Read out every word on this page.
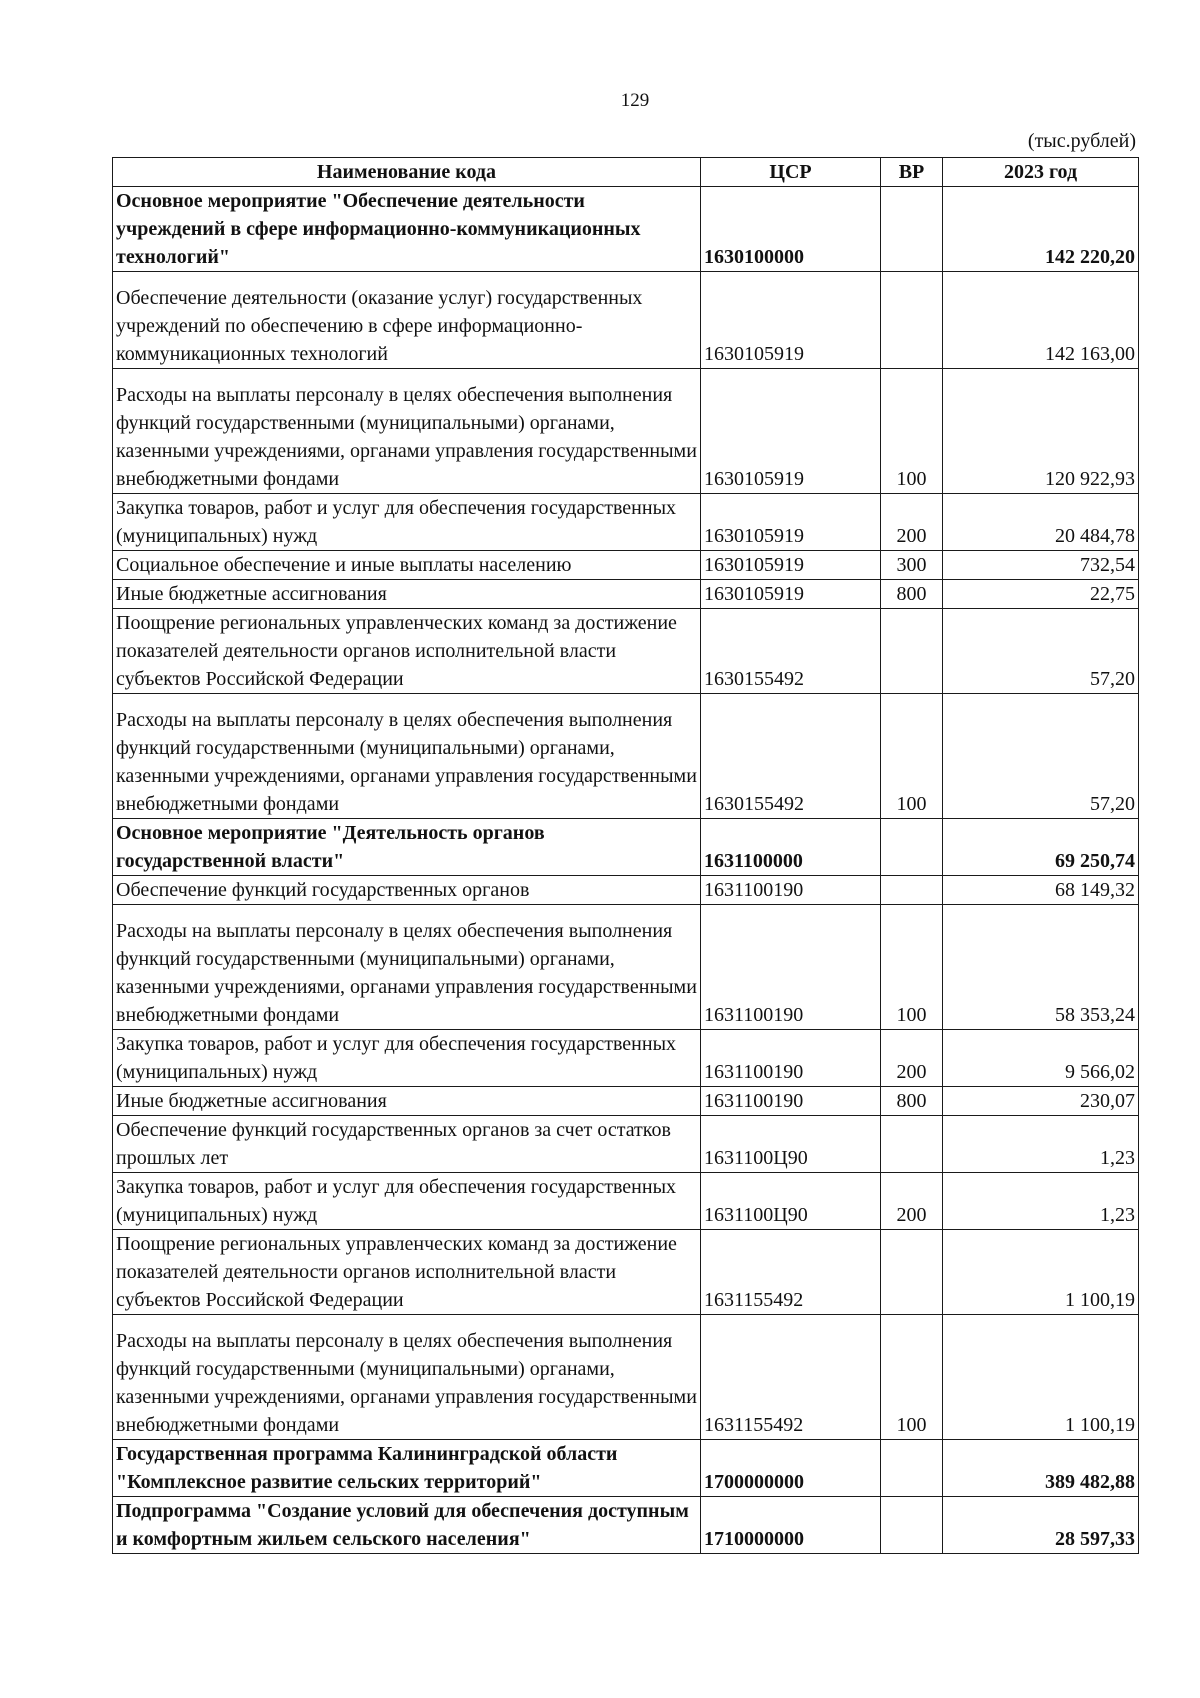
129
(тыс.рублей)
Наименование кода	ЦСР	ВР	2023 год
Основное мероприятие "Обеспечение деятельности учреждений в сфере информационно-коммуникационных технологий"	1630100000		142 220,20
Обеспечение деятельности (оказание услуг) государственных учреждений по обеспечению в сфере информационно-коммуникационных технологий	1630105919		142 163,00
Расходы на выплаты персоналу в целях обеспечения выполнения функций государственными (муниципальными) органами, казенными учреждениями, органами управления государственными внебюджетными фондами	1630105919	100	120 922,93
Закупка товаров, работ и услуг для обеспечения государственных (муниципальных) нужд	1630105919	200	20 484,78
Социальное обеспечение и иные выплаты населению	1630105919	300	732,54
Иные бюджетные ассигнования	1630105919	800	22,75
Поощрение региональных управленческих команд за достижение показателей деятельности органов исполнительной власти субъектов Российской Федерации	1630155492		57,20
Расходы на выплаты персоналу в целях обеспечения выполнения функций государственными (муниципальными) органами, казенными учреждениями, органами управления государственными внебюджетными фондами	1630155492	100	57,20
Основное мероприятие "Деятельность органов государственной власти"	1631100000		69 250,74
Обеспечение функций государственных органов	1631100190		68 149,32
Расходы на выплаты персоналу в целях обеспечения выполнения функций государственными (муниципальными) органами, казенными учреждениями, органами управления государственными внебюджетными фондами	1631100190	100	58 353,24
Закупка товаров, работ и услуг для обеспечения государственных (муниципальных) нужд	1631100190	200	9 566,02
Иные бюджетные ассигнования	1631100190	800	230,07
Обеспечение функций государственных органов за счет остатков прошлых лет	1631100Ц90		1,23
Закупка товаров, работ и услуг для обеспечения государственных (муниципальных) нужд	1631100Ц90	200	1,23
Поощрение региональных управленческих команд за достижение показателей деятельности органов исполнительной власти субъектов Российской Федерации	1631155492		1 100,19
Расходы на выплаты персоналу в целях обеспечения выполнения функций государственными (муниципальными) органами, казенными учреждениями, органами управления государственными внебюджетными фондами	1631155492	100	1 100,19
Государственная программа Калининградской области "Комплексное развитие сельских территорий"	1700000000		389 482,88
Подпрограмма "Создание условий для обеспечения доступным и комфортным жильем сельского населения"	1710000000		28 597,33
